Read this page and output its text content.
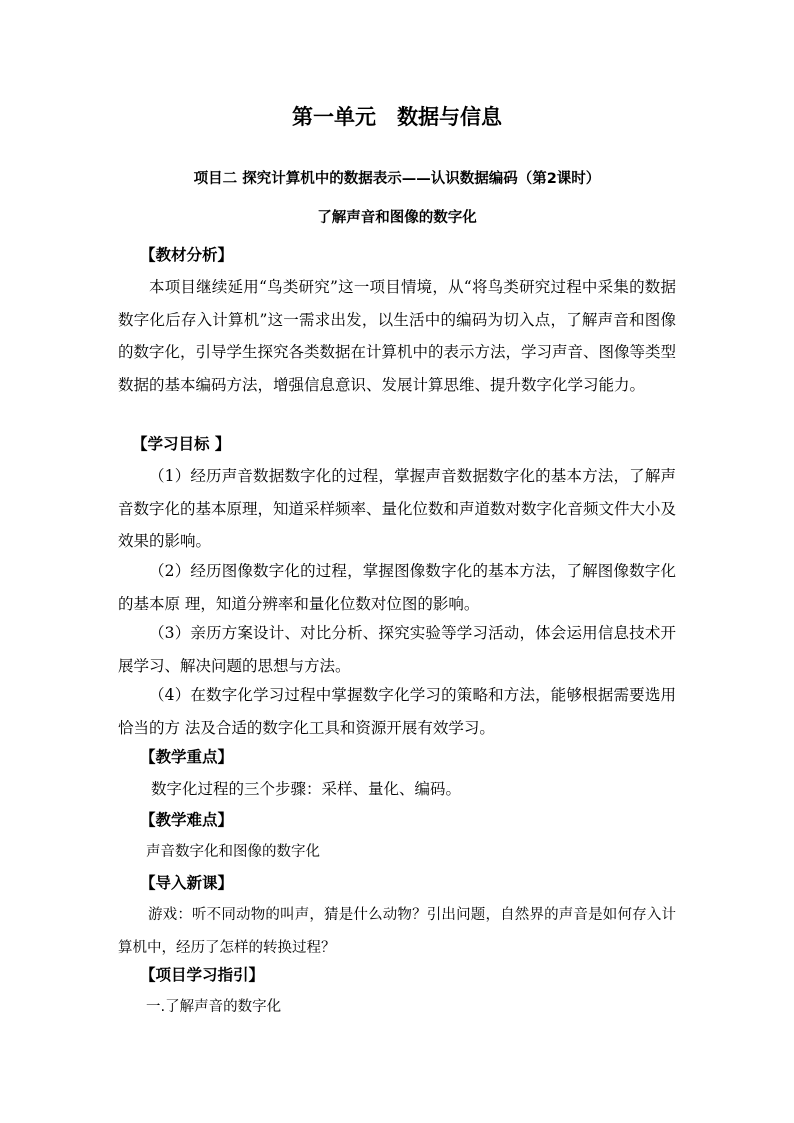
第一单元　数据与信息
项目二 探究计算机中的数据表示——认识数据编码（第2课时）
了解声音和图像的数字化
【教材分析】
本项目继续延用“鸟类研究”这一项目情境，从“将鸟类研究过程中采集的数据数字化后存入计算机”这一需求出发，以生活中的编码为切入点，了解声音和图像的数字化，引导学生探究各类数据在计算机中的表示方法，学习声音、图像等类型数据的基本编码方法，增强信息意识、发展计算思维、提升数字化学习能力。
【学习目标 】
（1）经历声音数据数字化的过程，掌握声音数据数字化的基本方法，了解声音数字化的基本原理，知道采样频率、量化位数和声道数对数字化音频文件大小及效果的影响。
（2）经历图像数字化的过程，掌握图像数字化的基本方法，了解图像数字化的基本原 理，知道分辨率和量化位数对位图的影响。
（3）亲历方案设计、对比分析、探究实验等学习活动，体会运用信息技术开展学习、解决问题的思想与方法。
（4）在数字化学习过程中掌握数字化学习的策略和方法，能够根据需要选用恰当的方 法及合适的数字化工具和资源开展有效学习。
【教学重点】
数字化过程的三个步骤：采样、量化、编码。
【教学难点】
声音数字化和图像的数字化
【导入新课】
游戏：听不同动物的叫声，猜是什么动物？引出问题，自然界的声音是如何存入计算机中，经历了怎样的转换过程？
【项目学习指引】
一.了解声音的数字化
